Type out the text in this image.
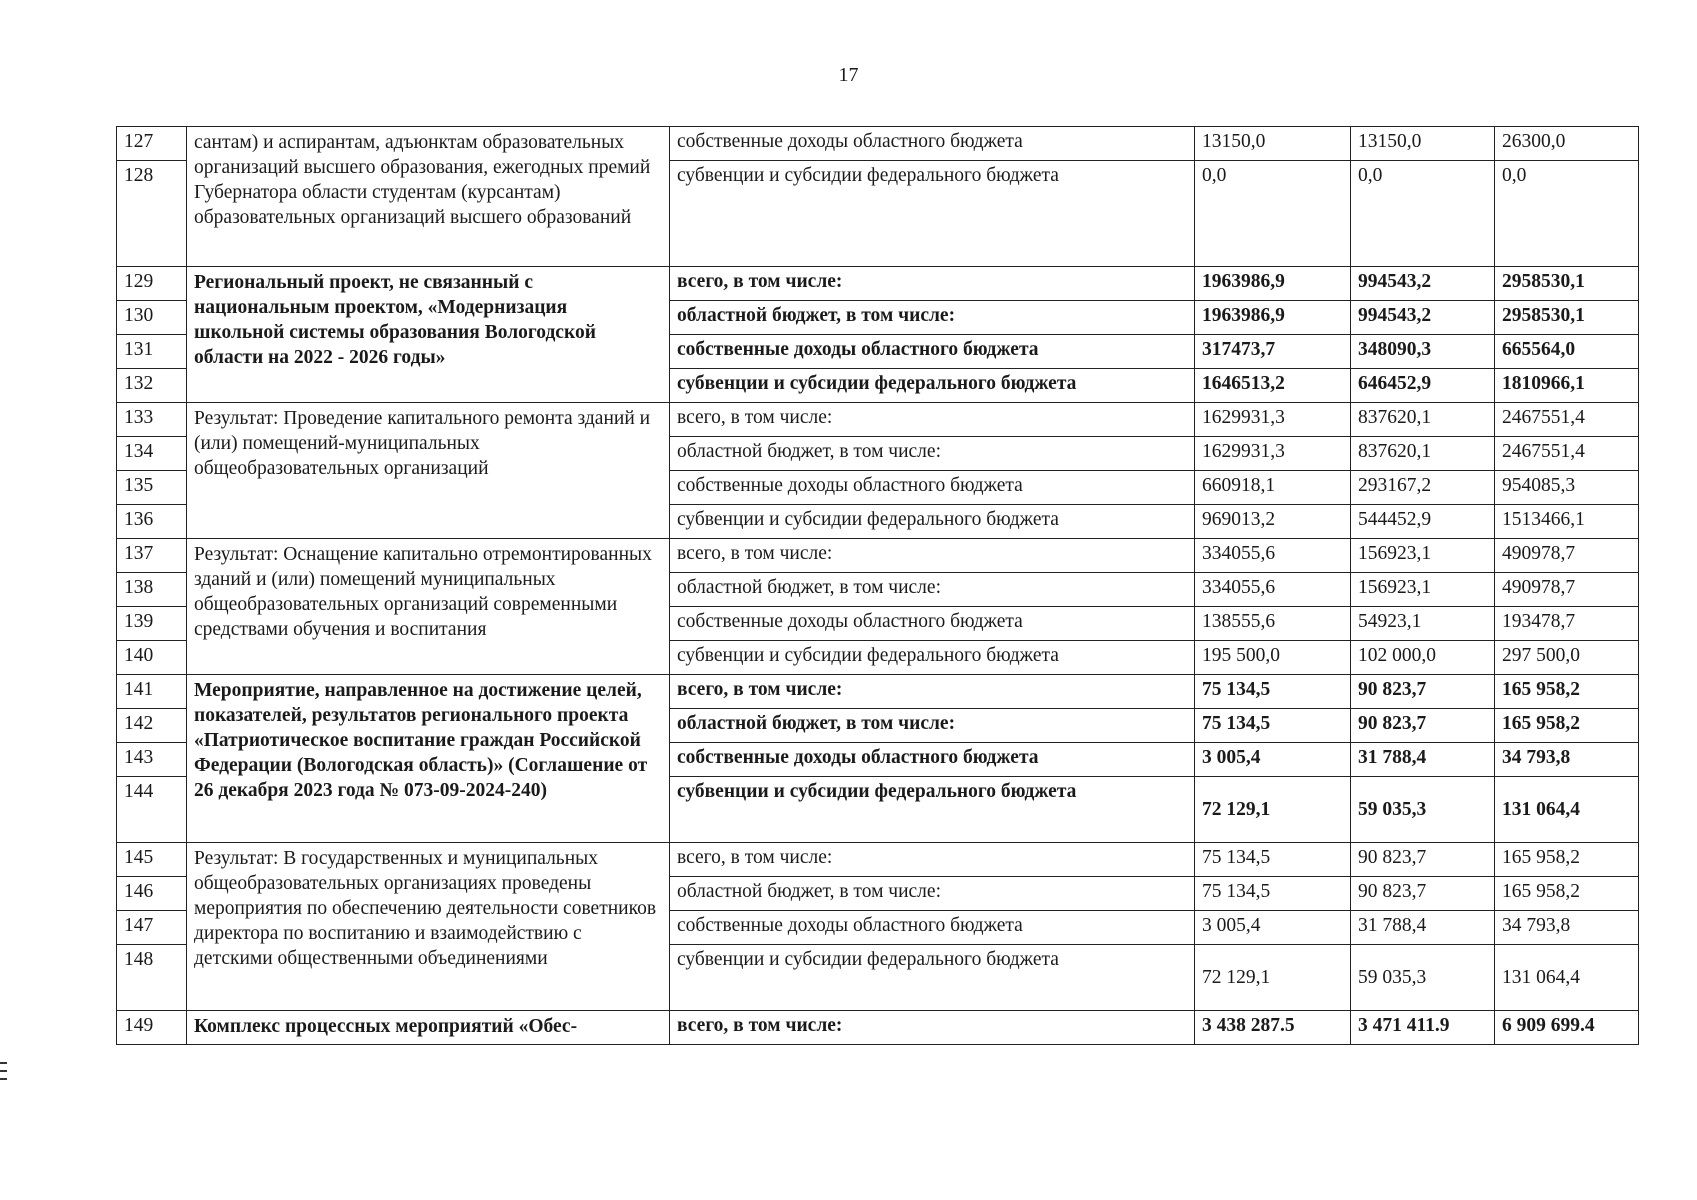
17
127	сантам) и аспирантам, адъюнктам образовательных организаций высшего образования, ежегодных премий Губернатора области студентам (курсантам) образовательных организаций высшего образований	собственные доходы областного бюджета	13150,0	13150,0	26300,0
128		субвенции и субсидии федерального бюджета	0,0	0,0	0,0
129	Региональный проект, не связанный с национальным проектом, «Модернизация школьной системы образования Вологодской области на 2022 - 2026 годы»	всего, в том числе:	1963986,9	994543,2	2958530,1
130		областной бюджет, в том числе:	1963986,9	994543,2	2958530,1
131		собственные доходы областного бюджета	317473,7	348090,3	665564,0
132		субвенции и субсидии федерального бюджета	1646513,2	646452,9	1810966,1
133	Результат: Проведение капитального ремонта зданий и (или) помещений-муниципальных общеобразовательных организаций	всего, в том числе:	1629931,3	837620,1	2467551,4
134		областной бюджет, в том числе:	1629931,3	837620,1	2467551,4
135		собственные доходы областного бюджета	660918,1	293167,2	954085,3
136		субвенции и субсидии федерального бюджета	969013,2	544452,9	1513466,1
137	Результат: Оснащение капитально отремонтированных зданий и (или) помещений муниципальных общеобразовательных организаций современными средствами обучения и воспитания	всего, в том числе:	334055,6	156923,1	490978,7
138		областной бюджет, в том числе:	334055,6	156923,1	490978,7
139		собственные доходы областного бюджета	138555,6	54923,1	193478,7
140		субвенции и субсидии федерального бюджета	195 500,0	102 000,0	297 500,0
141	Мероприятие, направленное на достижение целей, показателей, результатов регионального проекта «Патриотическое воспитание граждан Российской Федерации (Вологодская область)» (Соглашение от 26 декабря 2023 года № 073-09-2024-240)	всего, в том числе:	75 134,5	90 823,7	165 958,2
142		областной бюджет, в том числе:	75 134,5	90 823,7	165 958,2
143		собственные доходы областного бюджета	3 005,4	31 788,4	34 793,8
144		субвенции и субсидии федерального бюджета	72 129,1	59 035,3	131 064,4
145	Результат: В государственных и муниципальных общеобразовательных организациях проведены мероприятия по обеспечению деятельности советников директора по воспитанию и взаимодействию с детскими общественными объединениями	всего, в том числе:	75 134,5	90 823,7	165 958,2
146		областной бюджет, в том числе:	75 134,5	90 823,7	165 958,2
147		собственные доходы областного бюджета	3 005,4	31 788,4	34 793,8
148		субвенции и субсидии федерального бюджета	72 129,1	59 035,3	131 064,4
149	Комплекс процессных мероприятий «Обес-	всего, в том числе:	3 438 287.5	3 471 411.9	6 909 699.4
